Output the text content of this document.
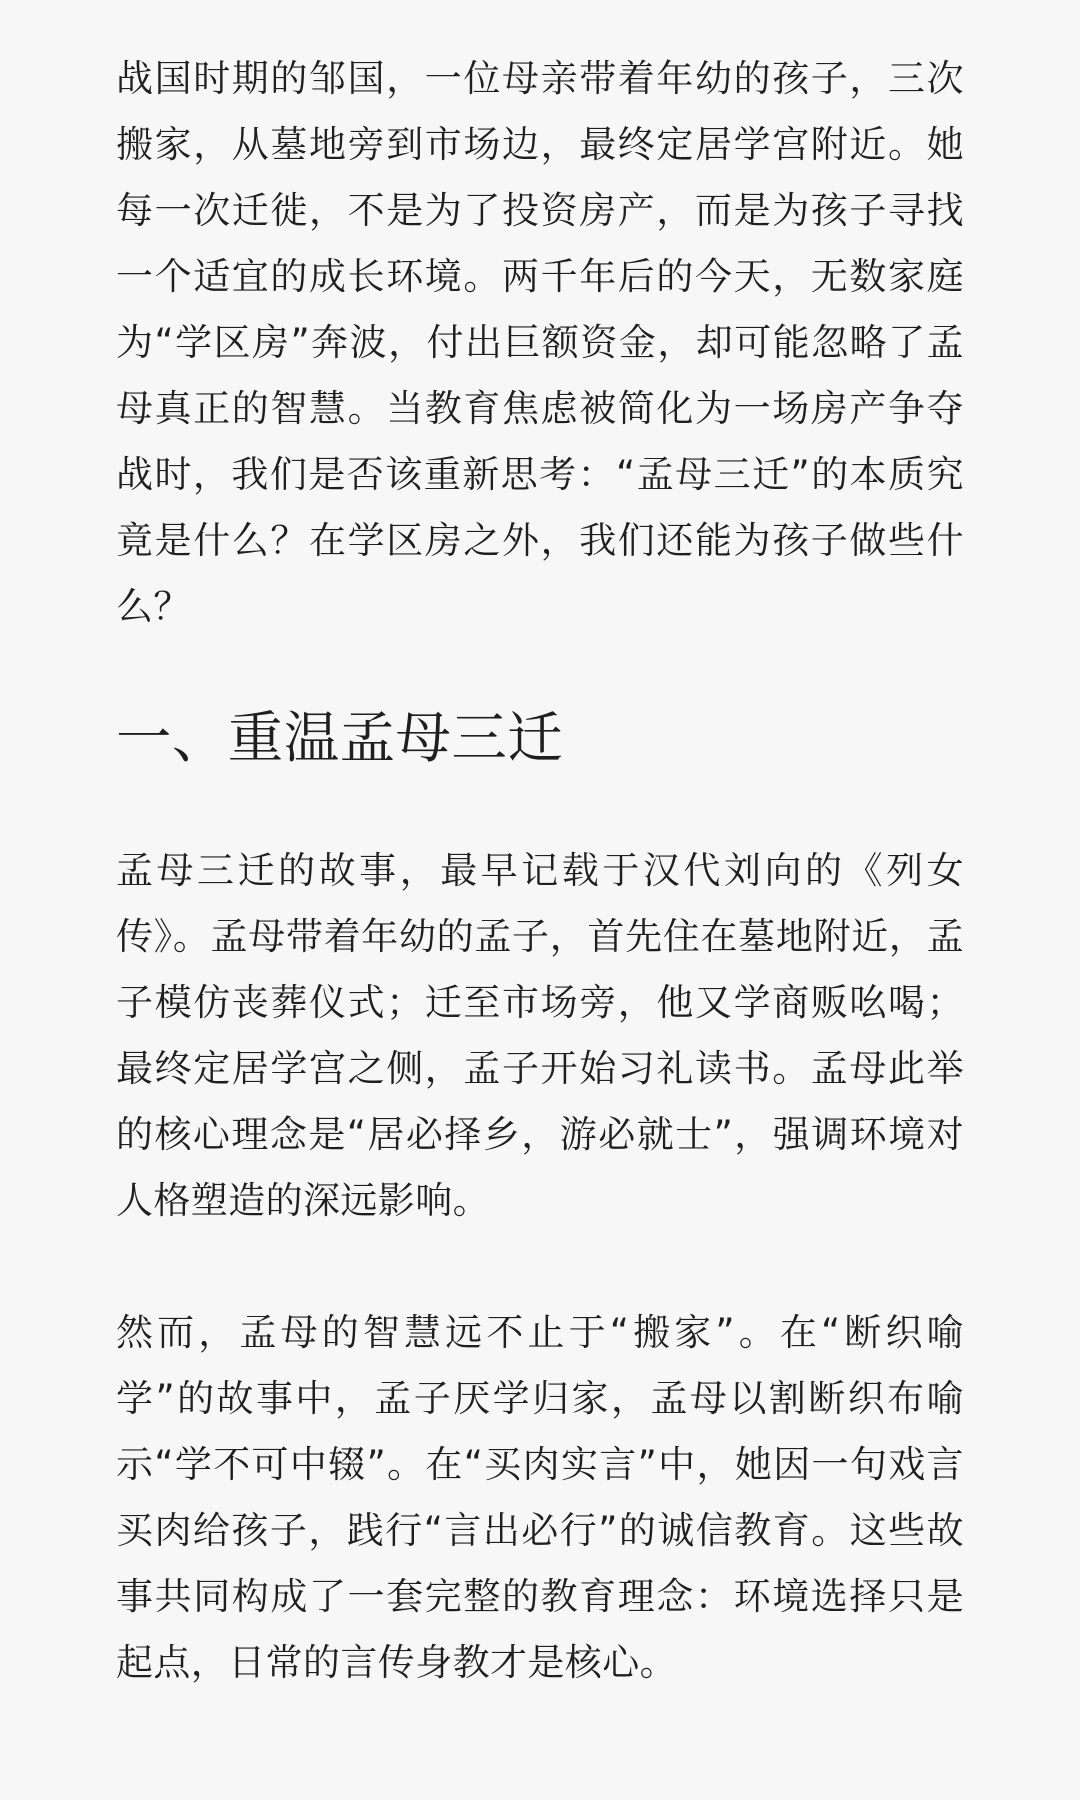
战国时期的邹国，一位母亲带着年幼的孩子，三次搬家，从墓地旁到市场边，最终定居学宫附近。她每一次迁徙，不是为了投资房产，而是为孩子寻找一个适宜的成长环境。两千年后的今天，无数家庭为“学区房”奔波，付出巨额资金，却可能忽略了孟母真正的智慧。当教育焦虑被简化为一场房产争夺战时，我们是否该重新思考：“孟母三迁”的本质究竟是什么？在学区房之外，我们还能为孩子做些什么？

一、重温孟母三迁

孟母三迁的故事，最早记载于汉代刘向的《列女传》。孟母带着年幼的孟子，首先住在墓地附近，孟子模仿丧葬仪式；迁至市场旁，他又学商贩吆喝；最终定居学宫之侧，孟子开始习礼读书。孟母此举的核心理念是“居必择乡，游必就士”，强调环境对人格塑造的深远影响。

然而，孟母的智慧远不止于“搬家”。在“断织喻学”的故事中，孟子厌学归家，孟母以割断织布喻示“学不可中辍”。在“买肉实言”中，她因一句戏言买肉给孩子，践行“言出必行”的诚信教育。这些故事共同构成了一套完整的教育理念：环境选择只是起点，日常的言传身教才是核心。
